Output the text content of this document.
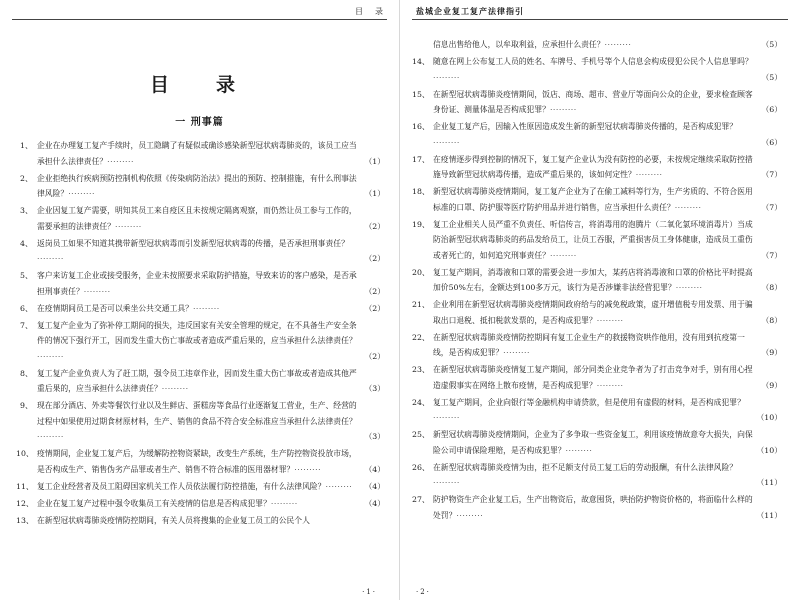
目　录
目　录
一 刑事篇
1、 企业在办理复工复产手续时，员工隐瞒了有疑似或确诊感染新型冠状病毒肺炎的，该员工应当承担什么法律责任？·········	（1）
2、 企业拒绝执行疾病预防控制机构依照《传染病防治法》提出的预防、控制措施，有什么刑事法律风险？·········	（1）
3、 企业因复工复产需要，明知其员工来自疫区且未按规定隔离观察，而仍然让员工参与工作的，需要承担的法律责任？·········	（2）
4、 返岗员工如果不知道其携带新型冠状病毒而引发新型冠状病毒的传播，是否承担刑事责任？·········	（2）
5、 客户来访复工企业或接受服务，企业未按照要求采取防护措施，导致来访的客户感染，是否承担刑事责任？·········	（2）
6、 在疫情期间员工是否可以乘坐公共交通工具？·········	（2）
7、 复工复产企业为了弥补停工期间的损失，违反国家有关安全管理的规定，在不具备生产安全条件的情况下强行开工，因而发生重大伤亡事故或者造成严重后果的，应当承担什么法律责任？·········	（2）
8、 复工复产企业负责人为了赶工期，强令员工违章作业，因而发生重大伤亡事故或者造成其他严重后果的，应当承担什么法律责任？·········	（3）
9、 现在部分酒店、外卖等餐饮行业以及生鲜店、蛋糕房等食品行业逐渐复工营业，生产、经营的过程中如果使用过期食材原材料，生产、销售的食品不符合安全标准应当承担什么法律责任？·········	（3）
10、 疫情期间，企业复工复产后，为缓解防控物资紧缺，改变生产系统，生产防控物资投放市场，是否构成生产、销售伪劣产品罪或者生产、销售不符合标准的医用器材罪？·········	（4）
11、 复工企业经营者及员工阻碍国家机关工作人员依法履行防控措施，有什么法律风险？········· （4）
12、 企业在复工复产过程中强令收集员工有关疫情的信息是否构成犯罪？·········	（4）
13、 在新型冠状病毒肺炎疫情防控期间，有关人员将搜集的企业复工员工的公民个人
·1·
盐城企业复工复产法律指引
信息出售给他人，以牟取利益，应承担什么责任？·········	（5）
14、 随意在网上公布复工人员的姓名、车牌号、手机号等个人信息会构成侵犯公民个人信息罪吗？·········	（5）
15、 在新型冠状病毒肺炎疫情期间，饭店、商场、超市、营业厅等面向公众的企业，要求检查顾客身份证、测量体温是否构成犯罪？·········	（6）
16、 企业复工复产后，因输入性原因造成发生新的新型冠状病毒肺炎传播的，是否构成犯罪？·········	（6）
17、 在疫情逐步得到控制的情况下，复工复产企业认为没有防控的必要，未按规定继续采取防控措施导致新型冠状病毒传播，造成严重后果的，该如何定性？·········	（7）
18、 新型冠状病毒肺炎疫情期间，复工复产企业为了在偷工减料等行为，生产劣质的、不符合医用标准的口罩、防护服等医疗防护用品并进行销售，应当承担什么责任？·········	（7）
19、 复工企业相关人员严重不负责任、听信传言，将消毒用的泡腾片（二氧化氯环境消毒片）当成防治新型冠状病毒肺炎的药品发给员工，让员工吞服，严重损害员工身体健康，造成员工重伤或者死亡的，如何追究刑事责任？·········	（7）
20、 复工复产期间，消毒液和口罩的需要会进一步加大，某药店将消毒液和口罩的价格比平时提高加价50%左右，金额达到100多万元，该行为是否涉嫌非法经营犯罪？·········	（8）
21、 企业利用在新型冠状病毒肺炎疫情期间政府给与的减免税政策，虚开增值税专用发票、用于骗取出口退税、抵扣税款发票的，是否构成犯罪？·········	（8）
22、 在新型冠状病毒肺炎疫情防控期间有复工企业生产的救援物资哄作他用，没有用到抗疫第一线，是否构成犯罪？·········	（9）
23、 在新型冠状病毒肺炎疫情复工复产期间，部分同类企业竞争者为了打击竞争对手，别有用心捏造虚假事实在网络上散布疫情，是否构成犯罪？·········	（9）
24、 复工复产期间，企业向银行等金融机构申请贷款，但是使用有虚假的材料，是否构成犯罪？·········	（10）
25、 新型冠状病毒肺炎疫情期间，企业为了多争取一些资金复工，利用该疫情故意夸大损失，向保险公司申请保险理赔，是否构成犯罪？·········	（10）
26、 在新型冠状病毒肺炎疫情为由，拒不足额支付员工复工后的劳动报酬，有什么法律风险？·········	（11）
27、 防护物资生产企业复工后，生产出物资后，故意囤货，哄抬防护物资价格的，将面临什么样的处罚？·········	（11）
·2·
